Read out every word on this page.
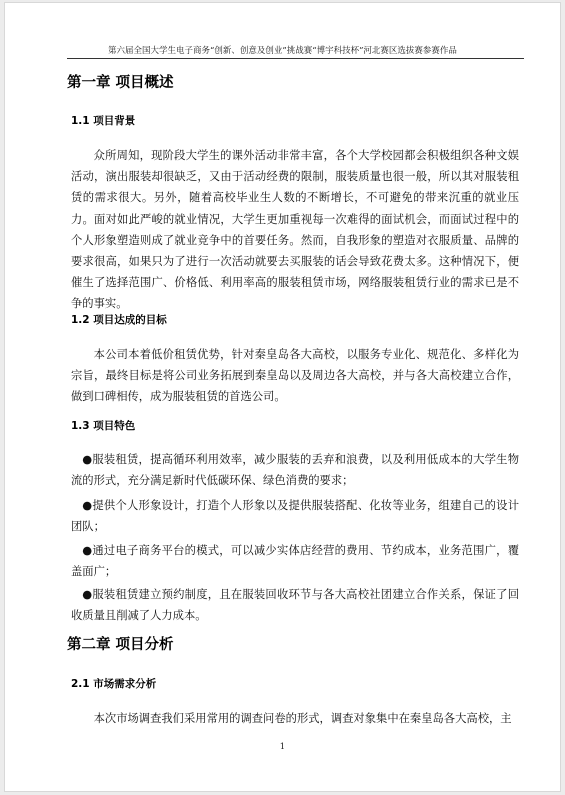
第六届全国大学生电子商务“创新、创意及创业”挑战赛“博宇科技杯”河北赛区选拔赛参赛作品
第一章 项目概述
1.1 项目背景

众所周知，现阶段大学生的课外活动非常丰富，各个大学校园都会积极组织各种文娱活动，演出服装却很缺乏，又由于活动经费的限制，服装质量也很一般，所以其对服装租赁的需求很大。另外，随着高校毕业生人数的不断增长，不可避免的带来沉重的就业压力。面对如此严峻的就业情况，大学生更加重视每一次难得的面试机会，而面试过程中的个人形象塑造则成了就业竞争中的首要任务。然而，自我形象的塑造对衣服质量、品牌的要求很高，如果只为了进行一次活动就要去买服装的话会导致花费太多。这种情况下，便催生了选择范围广、价格低、利用率高的服装租赁市场，网络服装租赁行业的需求已是不争的事实。

1.2 项目达成的目标

本公司本着低价租赁优势，针对秦皇岛各大高校，以服务专业化、规范化、多样化为宗旨，最终目标是将公司业务拓展到秦皇岛以及周边各大高校，并与各大高校建立合作，做到口碑相传，成为服装租赁的首选公司。

1.3 项目特色

●服装租赁，提高循环利用效率，减少服装的丢弃和浪费，以及利用低成本的大学生物流的形式，充分满足新时代低碳环保、绿色消费的要求；

●提供个人形象设计，打造个人形象以及提供服装搭配、化妆等业务，组建自己的设计团队；

●通过电子商务平台的模式，可以减少实体店经营的费用、节约成本，业务范围广，覆盖面广；

●服装租赁建立预约制度，且在服装回收环节与各大高校社团建立合作关系，保证了回收质量且削减了人力成本。

第二章 项目分析
2.1 市场需求分析

本次市场调查我们采用常用的调查问卷的形式，调查对象集中在秦皇岛各大高校，主

1
